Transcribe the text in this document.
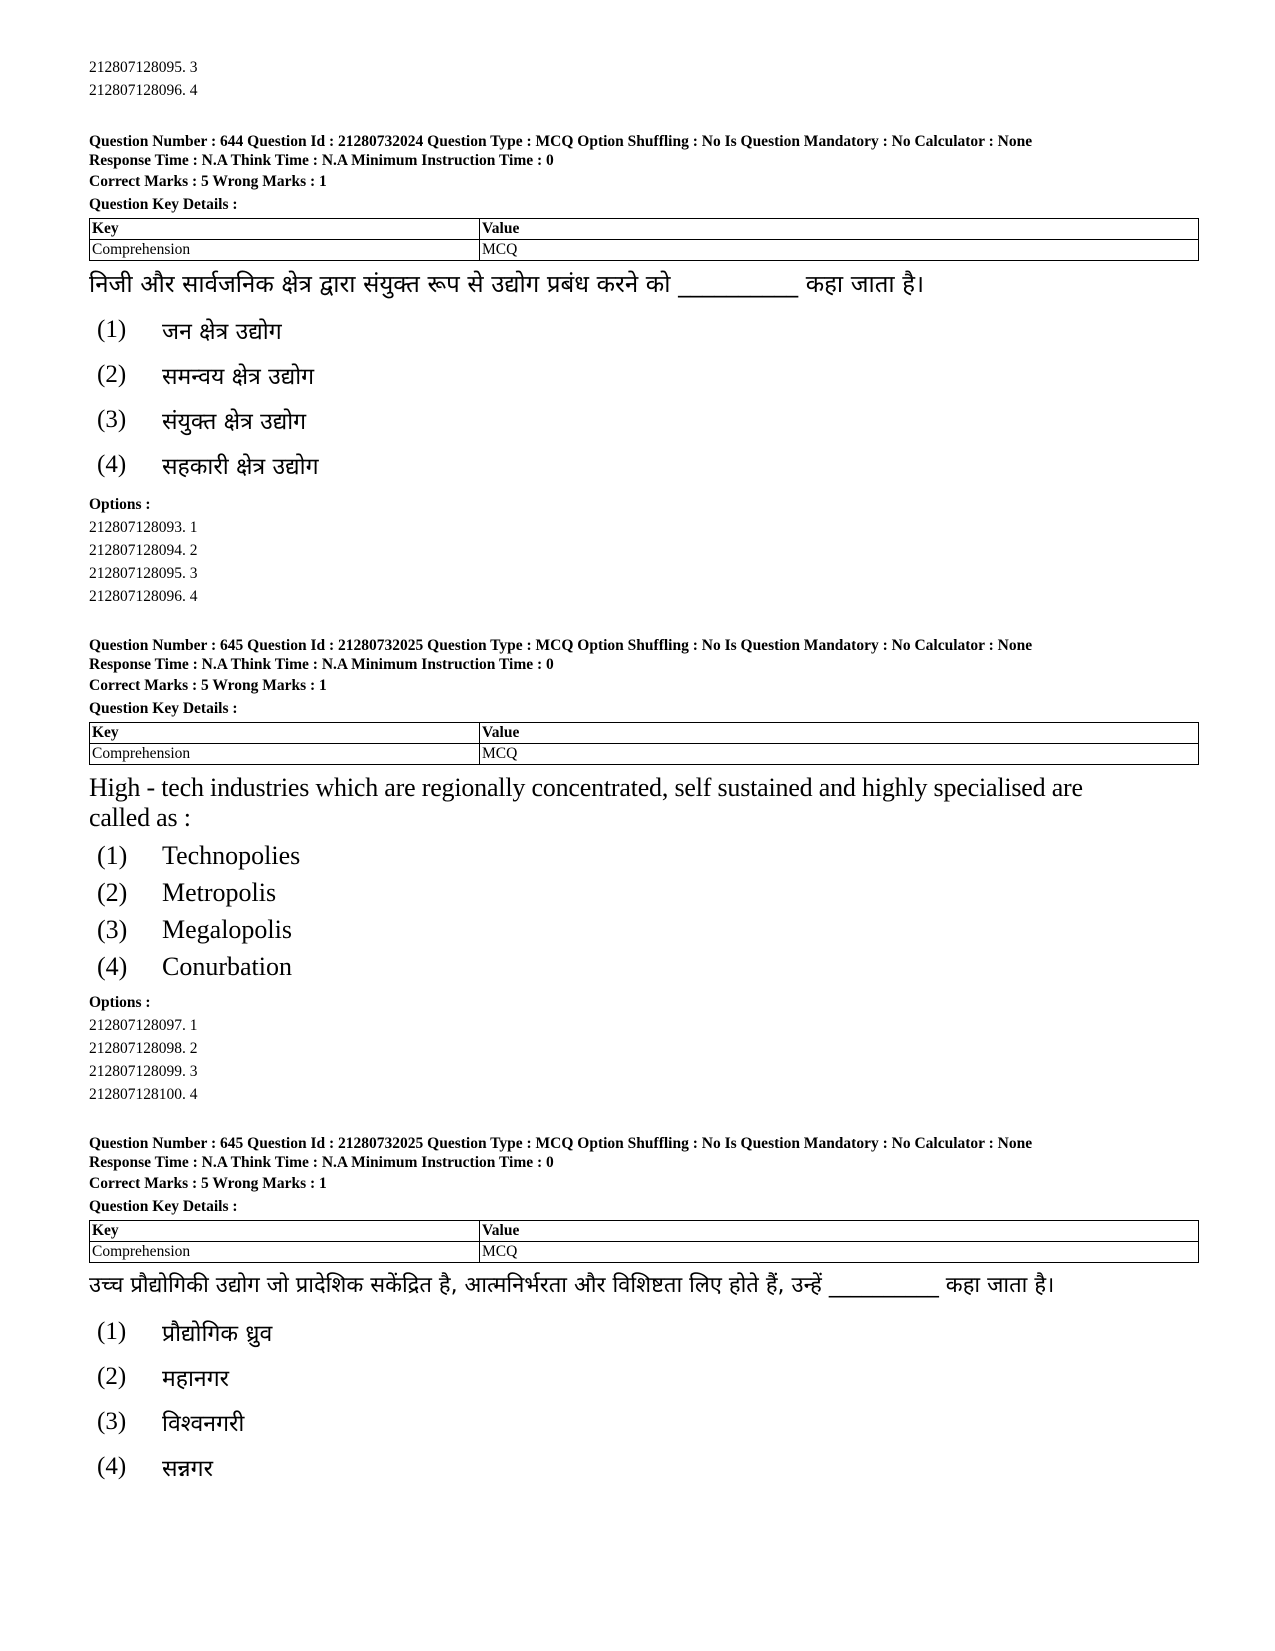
212807128095. 3
212807128096. 4
Question Number : 644 Question Id : 21280732024 Question Type : MCQ Option Shuffling : No Is Question Mandatory : No Calculator : None
Response Time : N.A Think Time : N.A Minimum Instruction Time : 0
Correct Marks : 5 Wrong Marks : 1
Question Key Details :
Key	Value
Comprehension	MCQ
निजी और सार्वजनिक क्षेत्र द्वारा संयुक्त रूप से उद्योग प्रबंध करने को __________ कहा जाता है।
(1)	जन क्षेत्र उद्योग
(2)	समन्वय क्षेत्र उद्योग
(3)	संयुक्त क्षेत्र उद्योग
(4)	सहकारी क्षेत्र उद्योग
Options :
212807128093. 1
212807128094. 2
212807128095. 3
212807128096. 4
Question Number : 645 Question Id : 21280732025 Question Type : MCQ Option Shuffling : No Is Question Mandatory : No Calculator : None
Response Time : N.A Think Time : N.A Minimum Instruction Time : 0
Correct Marks : 5 Wrong Marks : 1
Question Key Details :
Key	Value
Comprehension	MCQ
High - tech industries which are regionally concentrated, self sustained and highly specialised are
called as :
(1)	Technopolies
(2)	Metropolis
(3)	Megalopolis
(4)	Conurbation
Options :
212807128097. 1
212807128098. 2
212807128099. 3
212807128100. 4
Question Number : 645 Question Id : 21280732025 Question Type : MCQ Option Shuffling : No Is Question Mandatory : No Calculator : None
Response Time : N.A Think Time : N.A Minimum Instruction Time : 0
Correct Marks : 5 Wrong Marks : 1
Question Key Details :
Key	Value
Comprehension	MCQ
उच्च प्रौद्योगिकी उद्योग जो प्रादेशिक सकेंद्रित है, आत्मनिर्भरता और विशिष्टता लिए होते हैं, उन्हें __________ कहा जाता है।
(1)	प्रौद्योगिक ध्रुव
(2)	महानगर
(3)	विश्वनगरी
(4)	सन्नगर
